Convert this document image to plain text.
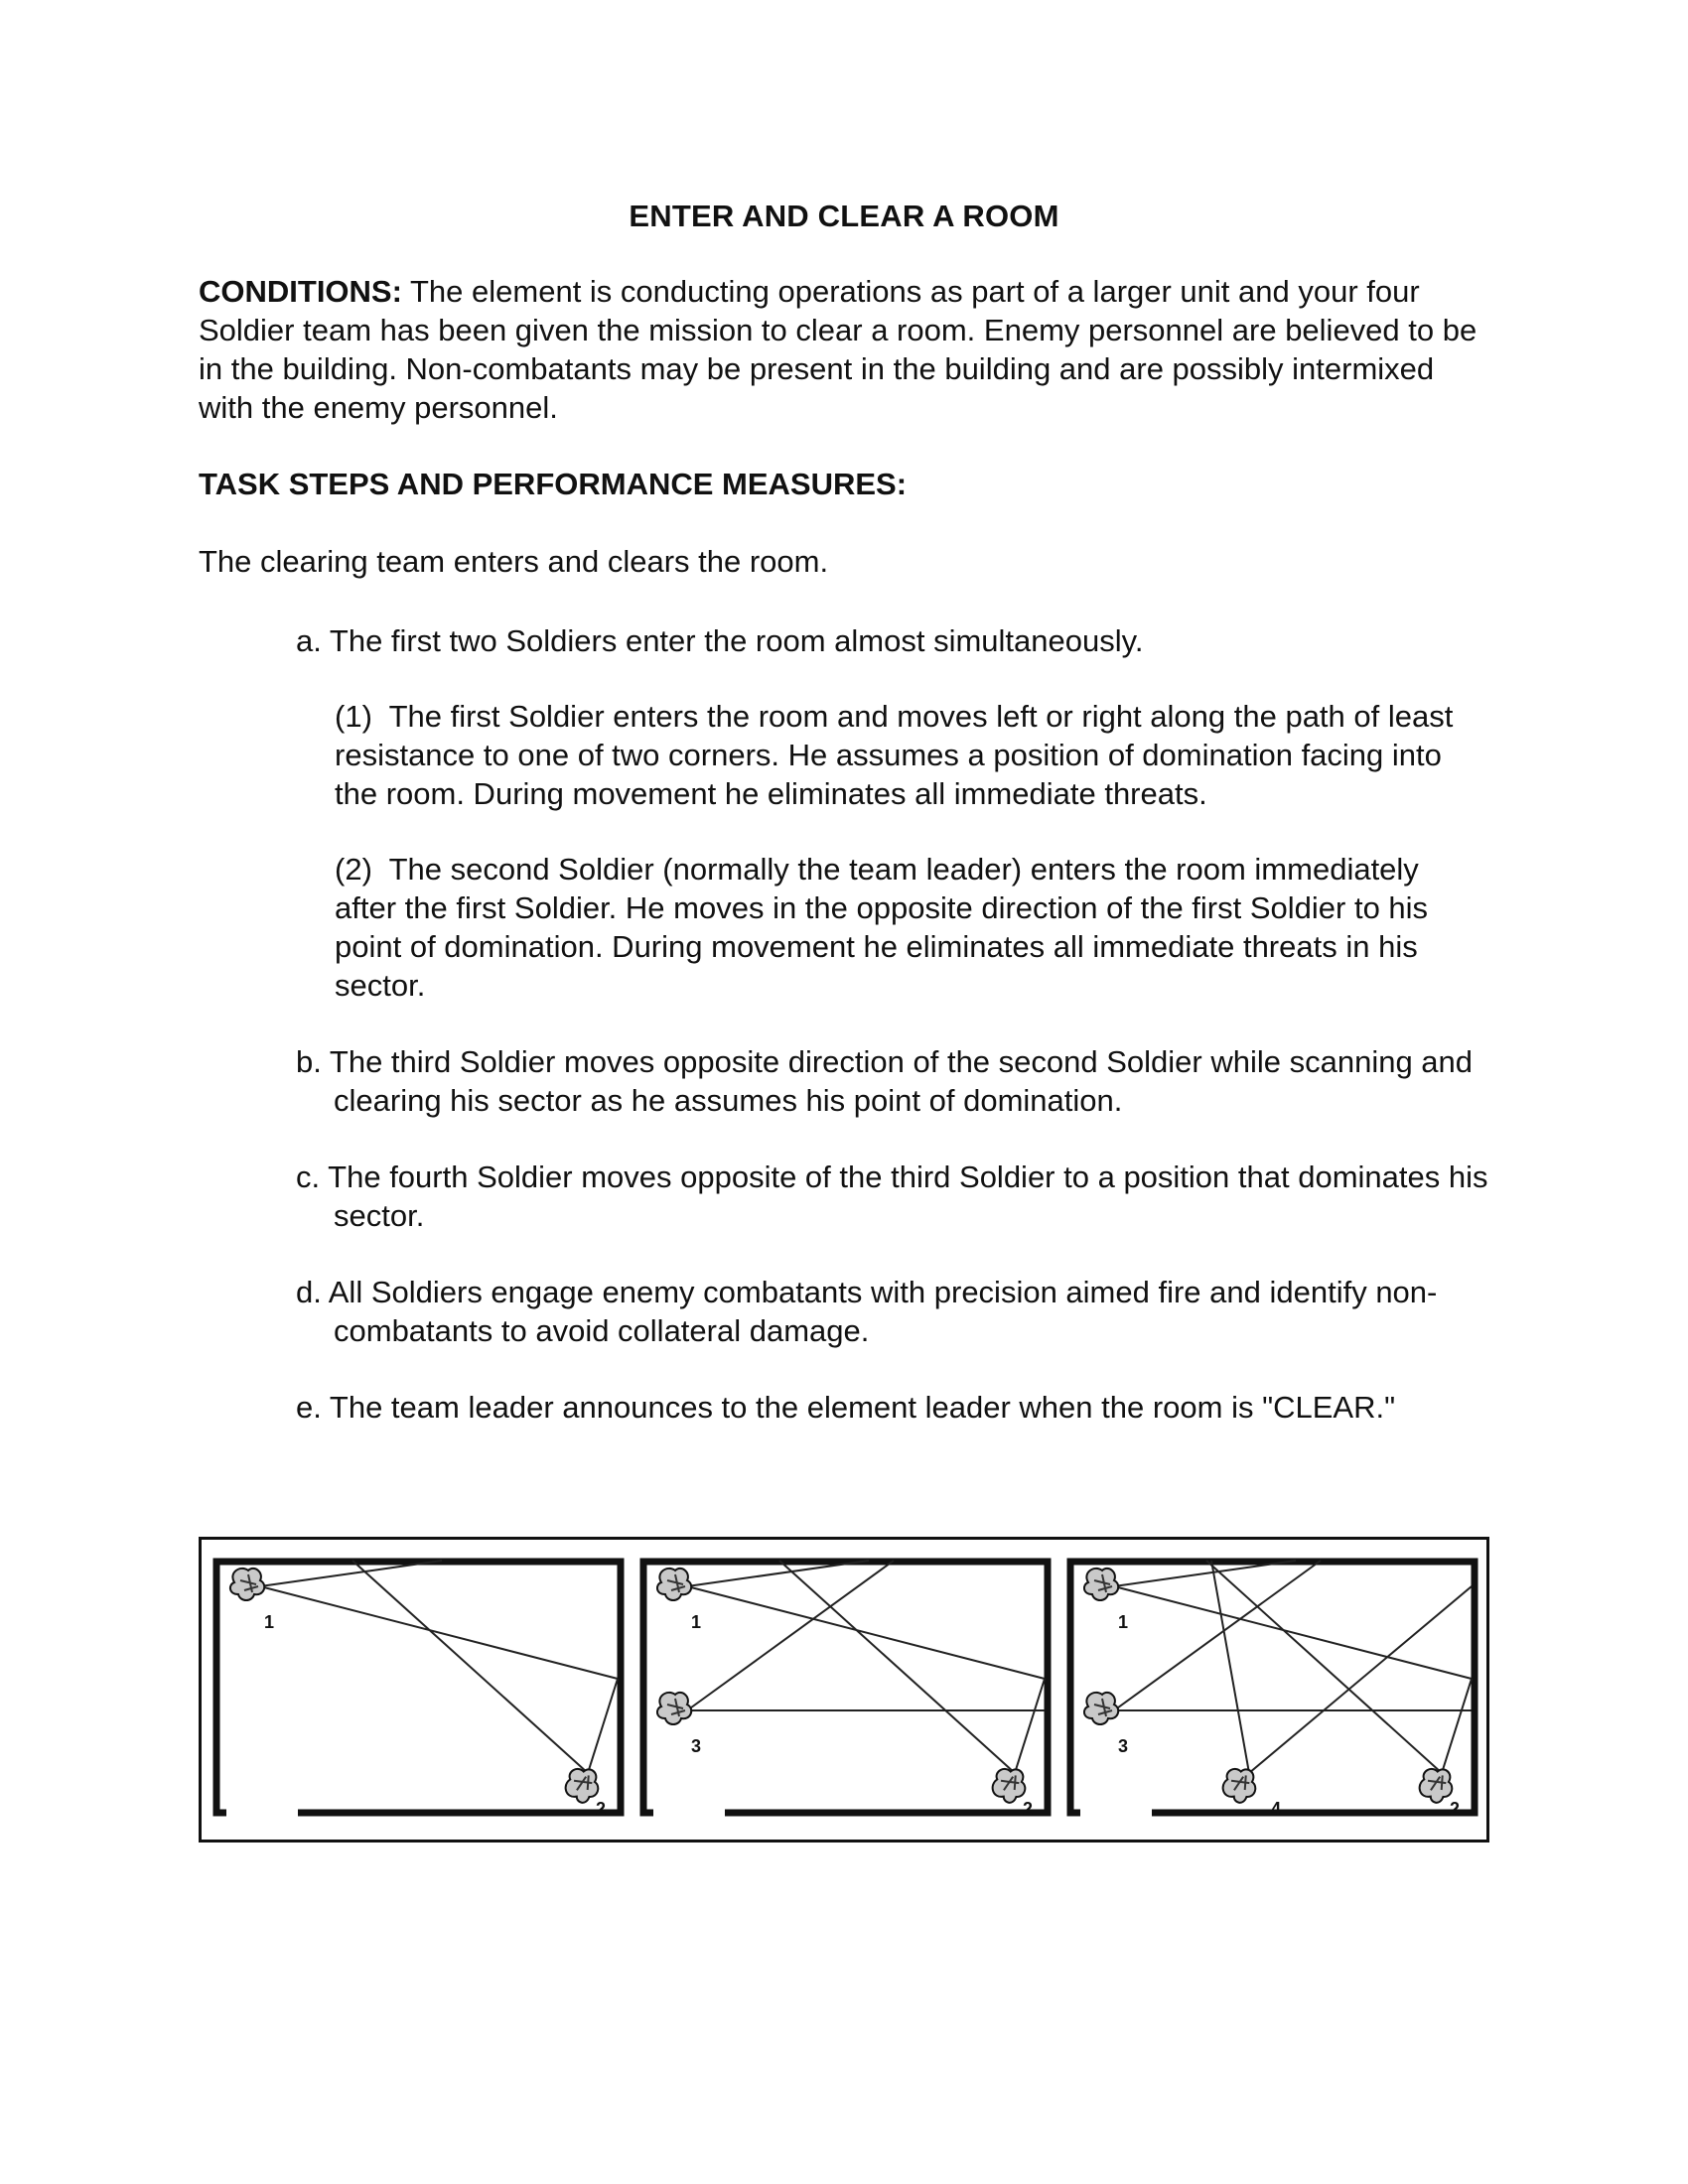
ENTER AND CLEAR A ROOM
CONDITIONS: The element is conducting operations as part of a larger unit and your four Soldier team has been given the mission to clear a room. Enemy personnel are believed to be in the building. Non-combatants may be present in the building and are possibly intermixed with the enemy personnel.
TASK STEPS AND PERFORMANCE MEASURES:
The clearing team enters and clears the room.
a. The first two Soldiers enter the room almost simultaneously.
(1)  The first Soldier enters the room and moves left or right along the path of least resistance to one of two corners. He assumes a position of domination facing into the room. During movement he eliminates all immediate threats.
(2)  The second Soldier (normally the team leader) enters the room immediately after the first Soldier. He moves in the opposite direction of the first Soldier to his point of domination. During movement he eliminates all immediate threats in his sector.
b. The third Soldier moves opposite direction of the second Soldier while scanning and clearing his sector as he assumes his point of domination.
c. The fourth Soldier moves opposite of the third Soldier to a position that dominates his sector.
d. All Soldiers engage enemy combatants with precision aimed fire and identify non-combatants to avoid collateral damage.
e. The team leader announces to the element leader when the room is "CLEAR."
1
2
1
3
2
1
3
4	2
